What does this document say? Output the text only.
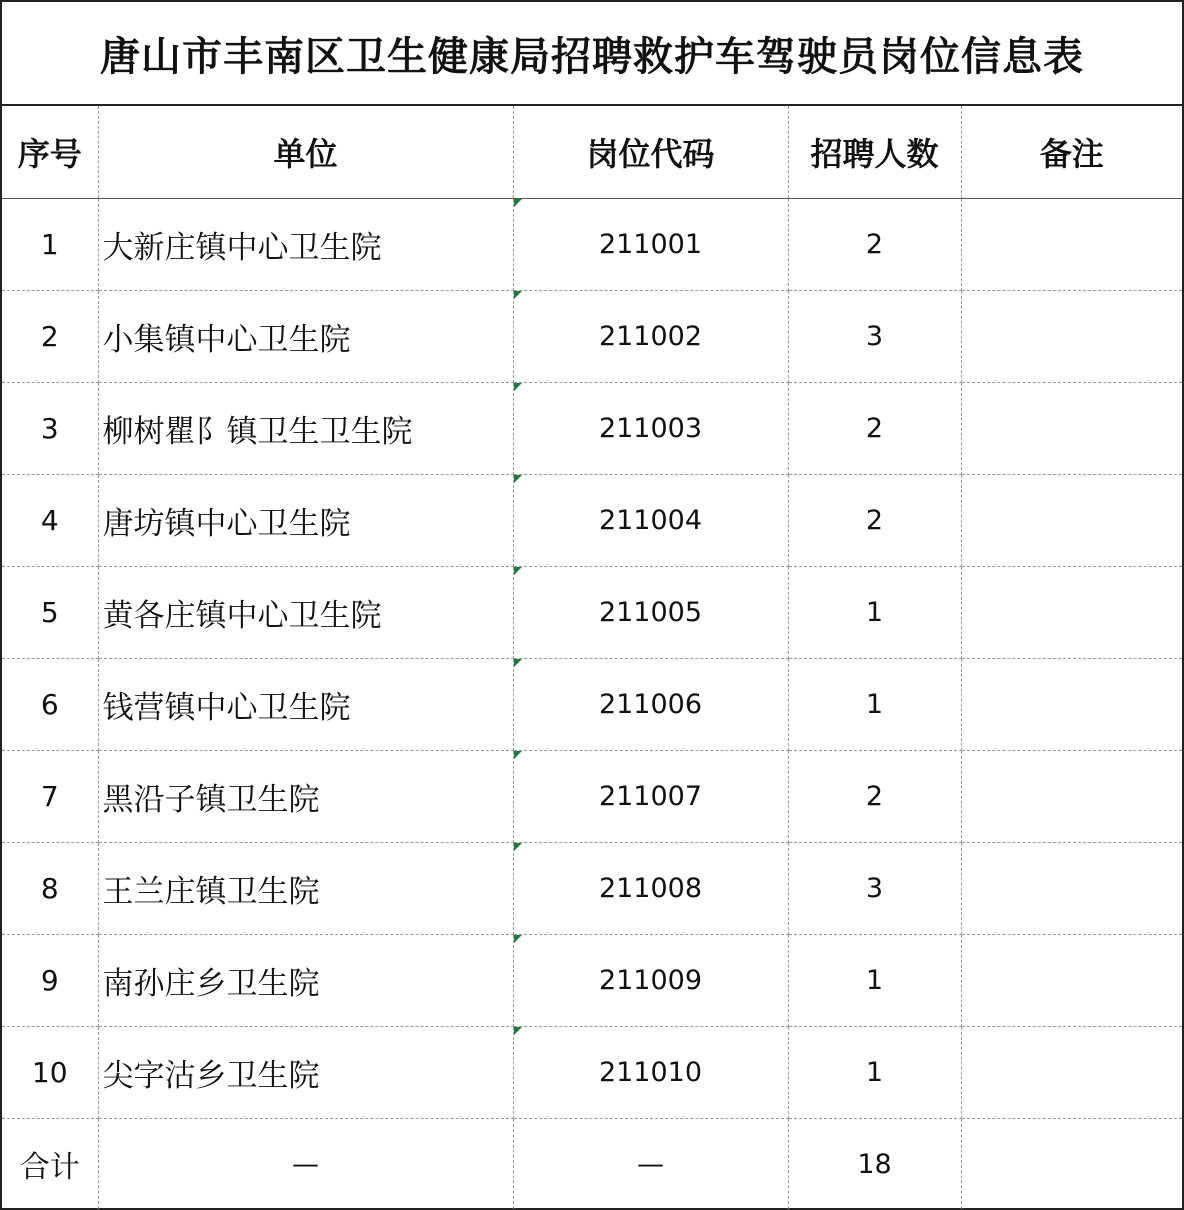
唐山市丰南区卫生健康局招聘救护车驾驶员岗位信息表
序号	单位	岗位代码	招聘人数	备注
1	大新庄镇中心卫生院	211001	2	
2	小集镇中心卫生院	211002	3	
3	柳树瞿阝镇卫生卫生院	211003	2	
4	唐坊镇中心卫生院	211004	2	
5	黄各庄镇中心卫生院	211005	1	
6	钱营镇中心卫生院	211006	1	
7	黑沿子镇卫生院	211007	2	
8	王兰庄镇卫生院	211008	3	
9	南孙庄乡卫生院	211009	1	
10	尖字沽乡卫生院	211010	1	
合计	—	—	18	
